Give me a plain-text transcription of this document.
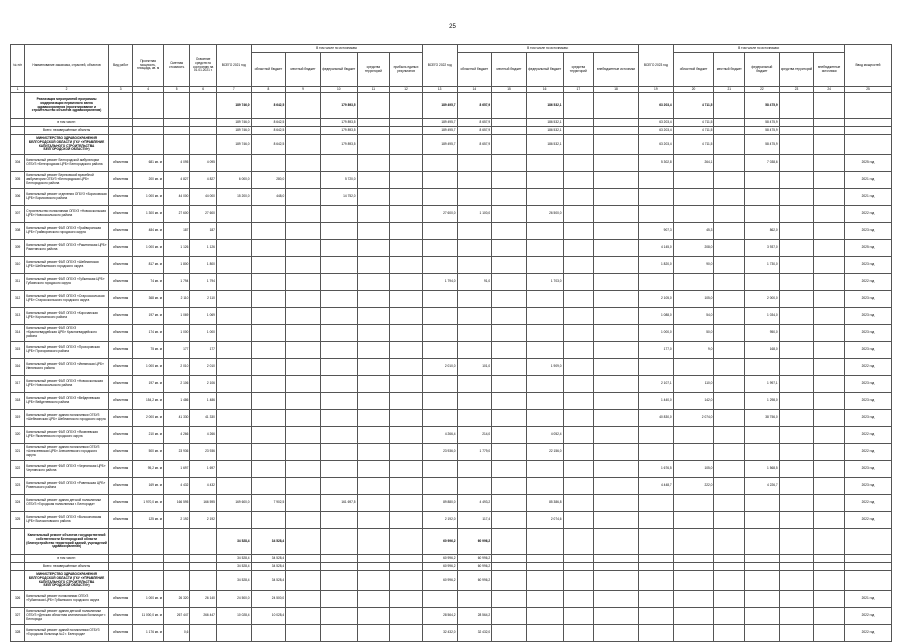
25
№ п/п	Наименование заказчика, отраслей, объектов	Вид работ	Проектная мощность, площадь, кв. м	Сметная стоимость	Освоение средств по состоянию на 01.01.2021 г.	ВСЕГО 2021 год	В том числе по источникам:					ВСЕГО 2022 год	В том числе по источникам:					ВСЕГО 2023 год	В том числе по источникам:					Ввод мощностей
							областной бюджет	местный бюджет	федеральный бюджет	средства территорий	прибыль единых результатов		областной бюджет	местный бюджет	федеральный бюджет	средства территорий	внебюджетные источники		областной бюджет	местный бюджет	федеральный бюджет	средства территорий	внебюджетные источники	
1	2	3	4	5	6	7	8	9	10	11	12	13	14	15	16	17	18	19	20	21	22	23	24	25
	Реализация мероприятий программы модернизации первичного звена здравоохранения (проектирование и строительство объектов здравоохранения)					189 746,0	8 642,5		179 893,5			189 495,7	8 657,9		186 532,1			63 203,4	4 711,5		58 475,9			
	в том числе:					189 746,0	8 642,5		179 893,5			189 495,7	8 657,9		186 532,1			63 203,4	4 711,5		58 475,9			
	Всего: незавершённые объекты					189 746,0	8 642,5		179 893,5			189 495,7	8 657,9		186 532,1			63 203,4	4 711,5		58 475,9			
	МИНИСТЕРСТВО ЗДРАВООХРАНЕНИЯ БЕЛГОРОДСКОЙ ОБЛАСТИ (ГКУ «УПРАВЛЕНИЕ КАПИТАЛЬНОГО СТРОИТЕЛЬСТВА БЕЛГОРОДСКОЙ ОБЛАСТИ»)					189 746,0	8 642,5		179 893,5			189 495,7	8 657,9		186 532,1			63 203,4	4 711,5		58 475,9			
304	Капитальный ремонт Белгородской амбулатории ОГБУЗ «Белгородская ЦРБ» Белгородского района	объектная	681 кв. м	4 095	4 095													5 302,8	264,1		7 038,6			2025 год
305	Капитальный ремонт Березовской врачебной амбулатории ОГБУЗ «Белгородская ЦРБ» Белгородского района	объектная	200 кв. м	4 827	4 827	6 000,0	280,0		5 720,0															2021 год
306	Капитальный ремонт отделения ОГБУЗ «Борисовская ЦРБ» Борисовского района	объектная	1 000 кв. м	44 000	44 000	15 200,0	448,0		14 752,0															2021 год
307	Строительство поликлиники ОГБУЗ «Новооскольская ЦРБ» Новооскольского района	объектная	1 300 кв. м	27 600	27 600							27 600,0	1 100,0		26 500,0									2022 год
308	Капитальный ремонт ФАП ОГБУЗ «Грайворонская ЦРБ» Грайворонского городского округа	объектная	484 кв. м	187	187													907,3	45,3		862,0			2023 год
309	Капитальный ремонт ФАП ОГБУЗ «Ракитянская ЦРБ» Ракитянского района	объектная	1 000 кв. м	1 126	1 126													4 145,0	208,0		3 937,0			2025 год
310	Капитальный ремонт ФАП ОГБУЗ «Шебекинская ЦРБ» Шебекинского городского округа	объектная	817 кв. м	1 800	1 800													1 820,0	90,0		1 730,0			2023 год
311	Капитальный ремонт ФАП ОГБУЗ «Губкинская ЦРБ» Губкинского городского округа	объектная	74 кв. м	1 794	1 794							1 794,0	91,0		1 703,0									2022 год
312	Капитальный ремонт ФАП ОГБУЗ «Старооскольская ЦРБ» Старооскольского городского округа	объектная	368 кв. м	2 110	2 110													2 105,0	105,0		2 000,0			2023 год
313	Капитальный ремонт ФАП ОГБУЗ «Корочанская ЦРБ» Корочанского района	объектная	197 кв. м	1 069	1 069													1 088,0	54,0		1 034,0			2023 год
314	Капитальный ремонт ФАП ОГБУЗ «Красногвардейская ЦРБ» Красногвардейского района	объектная	174 кв. м	1 000	1 000													1 000,0	50,0		950,0			2023 год
315	Капитальный ремонт ФАП ОГБУЗ «Прохоровская ЦРБ» Прохоровского района	объектная	75 кв. м	177	177													177,0	9,0		168,0			2023 год
316	Капитальный ремонт ФАП ОГБУЗ «Ивнянская ЦРБ» Ивнянского района	объектная	1 000 кв. м	2 010	2 010							2 010,0	101,0		1 909,0									2022 год
317	Капитальный ремонт ФАП ОГБУЗ «Новооскольская ЦРБ» Новооскольского района	объектная	197 кв. м	2 106	2 106													2 107,1	110,0		1 997,1			2023 год
318	Капитальный ремонт ФАП ОГБУЗ «Вейделевская ЦРБ» Вейделевского района	объектная	154,2 кв. м	1 486	1 486													1 440,0	142,0		1 298,0			2023 год
319	Капитальный ремонт здания поликлиники ОГБУЗ «Шебекинская ЦРБ» Шебекинского городского округа	объектная	2 000 кв. м	41 330	41 330													40 830,0	2 074,0		38 756,0			2023 год
320	Капитальный ремонт ФАП ОГБУЗ «Яковлевская ЦРБ» Яковлевского городского округа	объектная	210 кв. м	4 266	4 266							4 266,4	214,0		4 052,4									2022 год
321	Капитальный ремонт здания поликлиники ОГБУЗ «Алексеевская ЦРБ» Алексеевского городского округа	объектная	500 кв. м	23 936	23 936							23 936,0	1 779,0		22 156,0									2022 год
322	Капитальный ремонт ФАП ОГБУЗ «Чернянская ЦРБ» Чернянского района	объектная	95,2 кв. м	1 697	1 697													1 676,5	105,0		1 568,5			2023 год
323	Капитальный ремонт ФАП ОГБУЗ «Ровеньская ЦРБ» Ровеньского района	объектная	169 кв. м	4 432	4 432													4 448,7	222,0		4 226,7			2023 год
324	Капитальный ремонт здания детской поликлиники ОГБУЗ «Городская поликлиника г. Белгорода»	объектная	1 970,0 кв. м	166 595	166 595	169 600,0	7 902,5		161 697,5			89 880,0	4 493,2		85 386,8									2022 год
325	Капитальный ремонт ФАП ОГБУЗ «Волоконовская ЦРБ» Волоконовского района	объектная	125 кв. м	2 192	2 192							2 192,0	117,4		2 074,6									2022 год
	Капитальный ремонт объектов государственной собственности Белгородской области (благоустройство территорий зданий, учреждений здравоохранения)					34 528,4	34 528,4					60 996,2	60 996,2											
	в том числе:					34 528,4	34 528,4					60 996,2	60 996,2											
	Всего: незавершённые объекты					34 528,4	34 528,4					60 996,2	60 996,2											
	МИНИСТЕРСТВО ЗДРАВООХРАНЕНИЯ БЕЛГОРОДСКОЙ ОБЛАСТИ (ГКУ «УПРАВЛЕНИЕ КАПИТАЛЬНОГО СТРОИТЕЛЬСТВА БЕЛГОРОДСКОЙ ОБЛАСТИ»)					34 528,4	34 528,4					60 996,2	60 996,2											
326	Капитальный ремонт поликлиники ОГБУЗ «Губкинская ЦРБ» Губкинского городского округа	объектная	1 000 кв. м	26 320	26 140	24 500,0	24 500,0																	2021 год
327	Капитальный ремонт здания детской поликлиники ОГБУЗ «Детская областная клиническая больница» г. Белгорода	объектная	11 000,0 кв. м	267 447	266 447	10 028,4	10 028,4					28 564,2	28 564,2											2022 год
328	Капитальный ремонт зданий поликлиники ОГБУЗ «Городская больница №2 г. Белгорода»	объектная	1 176 кв. м	0,6								32 432,0	32 432,0											2022 год
